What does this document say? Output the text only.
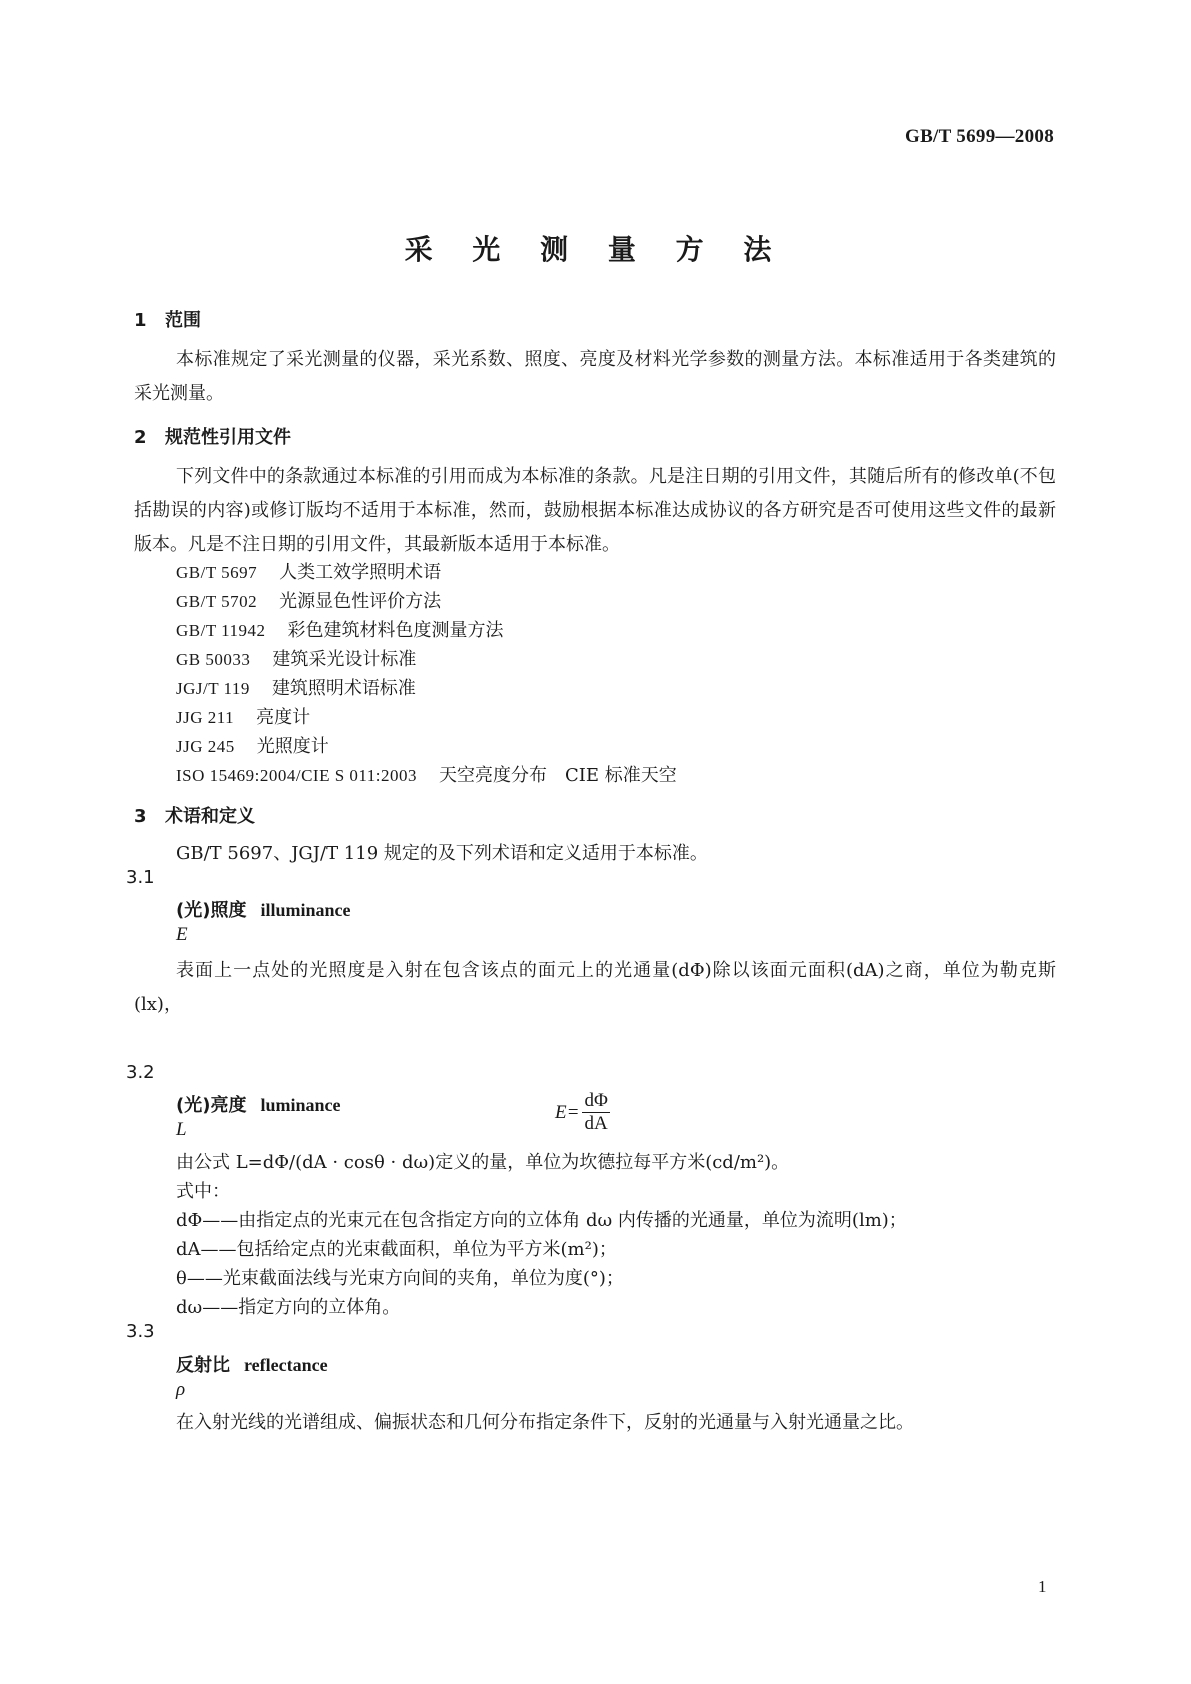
GB/T 5699—2008
采 光 测 量 方 法
1 范围
本标准规定了采光测量的仪器，采光系数、照度、亮度及材料光学参数的测量方法。本标准适用于各类建筑的采光测量。
2 规范性引用文件
下列文件中的条款通过本标准的引用而成为本标准的条款。凡是注日期的引用文件，其随后所有的修改单(不包括勘误的内容)或修订版均不适用于本标准，然而，鼓励根据本标准达成协议的各方研究是否可使用这些文件的最新版本。凡是不注日期的引用文件，其最新版本适用于本标准。
GB/T 5697 人类工效学照明术语
GB/T 5702 光源显色性评价方法
GB/T 11942 彩色建筑材料色度测量方法
GB 50033 建筑采光设计标准
JGJ/T 119 建筑照明术语标准
JJG 211 亮度计
JJG 245 光照度计
ISO 15469:2004/CIE S 011:2003 天空亮度分布　CIE 标准天空
3 术语和定义
GB/T 5697、JGJ/T 119 规定的及下列术语和定义适用于本标准。
3.1
(光)照度 illuminance
E
表面上一点处的光照度是入射在包含该点的面元上的光通量(dΦ)除以该面元面积(dA)之商，单位为勒克斯(lx)，
$E= \frac{d\Phi}{dA}$
3.2
(光)亮度 luminance
L
由公式 L=dΦ/(dA · cosθ · dω)定义的量，单位为坎德拉每平方米(cd/m²)。
式中：
dΦ——由指定点的光束元在包含指定方向的立体角 dω 内传播的光通量，单位为流明(lm)；
dA——包括给定点的光束截面积，单位为平方米(m²)；
θ——光束截面法线与光束方向间的夹角，单位为度(°)；
dω——指定方向的立体角。
3.3
反射比 reflectance
ρ
在入射光线的光谱组成、偏振状态和几何分布指定条件下，反射的光通量与入射光通量之比。
1
